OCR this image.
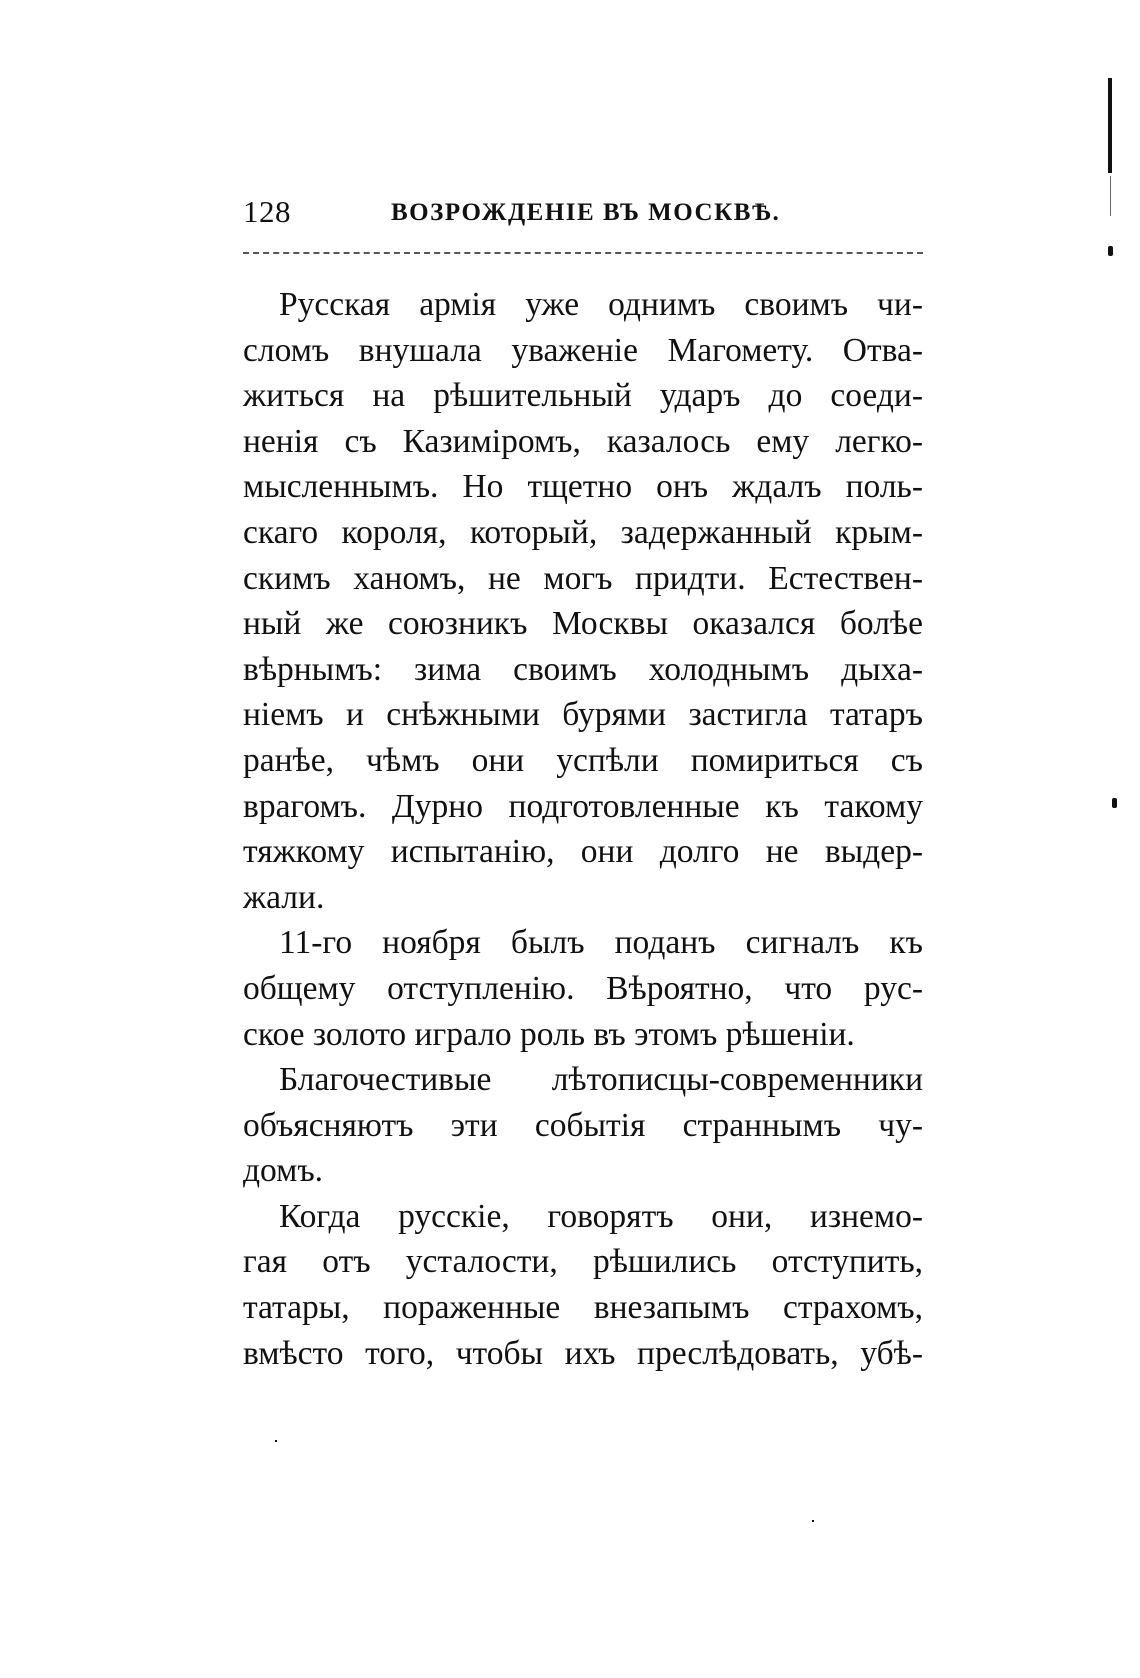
128	ВОЗРОЖДЕНІЕ ВЪ МОСКВѢ.
Русская армія уже однимъ своимъ чи-
сломъ внушала уваженіе Магомету. Отва-
житься на рѣшительный ударъ до соеди-
ненія съ Казиміромъ, казалось ему легко-
мысленнымъ. Но тщетно онъ ждалъ поль-
скаго короля, который, задержанный крым-
скимъ ханомъ, не могъ придти. Естествен-
ный же союзникъ Москвы оказался болѣе
вѣрнымъ: зима своимъ холоднымъ дыха-
ніемъ и снѣжными бурями застигла татаръ
ранѣе, чѣмъ они успѣли помириться съ
врагомъ. Дурно подготовленные къ такому
тяжкому испытанію, они долго не выдер-
жали.
11-го ноября былъ поданъ сигналъ къ
общему отступленію. Вѣроятно, что рус-
ское золото играло роль въ этомъ рѣшеніи.
Благочестивые лѣтописцы-современники
объясняютъ эти событія страннымъ чу-
домъ.
Когда русскіе, говорятъ они, изнемо-
гая отъ усталости, рѣшились отступить,
татары, пораженные внезапымъ страхомъ,
вмѣсто того, чтобы ихъ преслѣдовать, убѣ-
